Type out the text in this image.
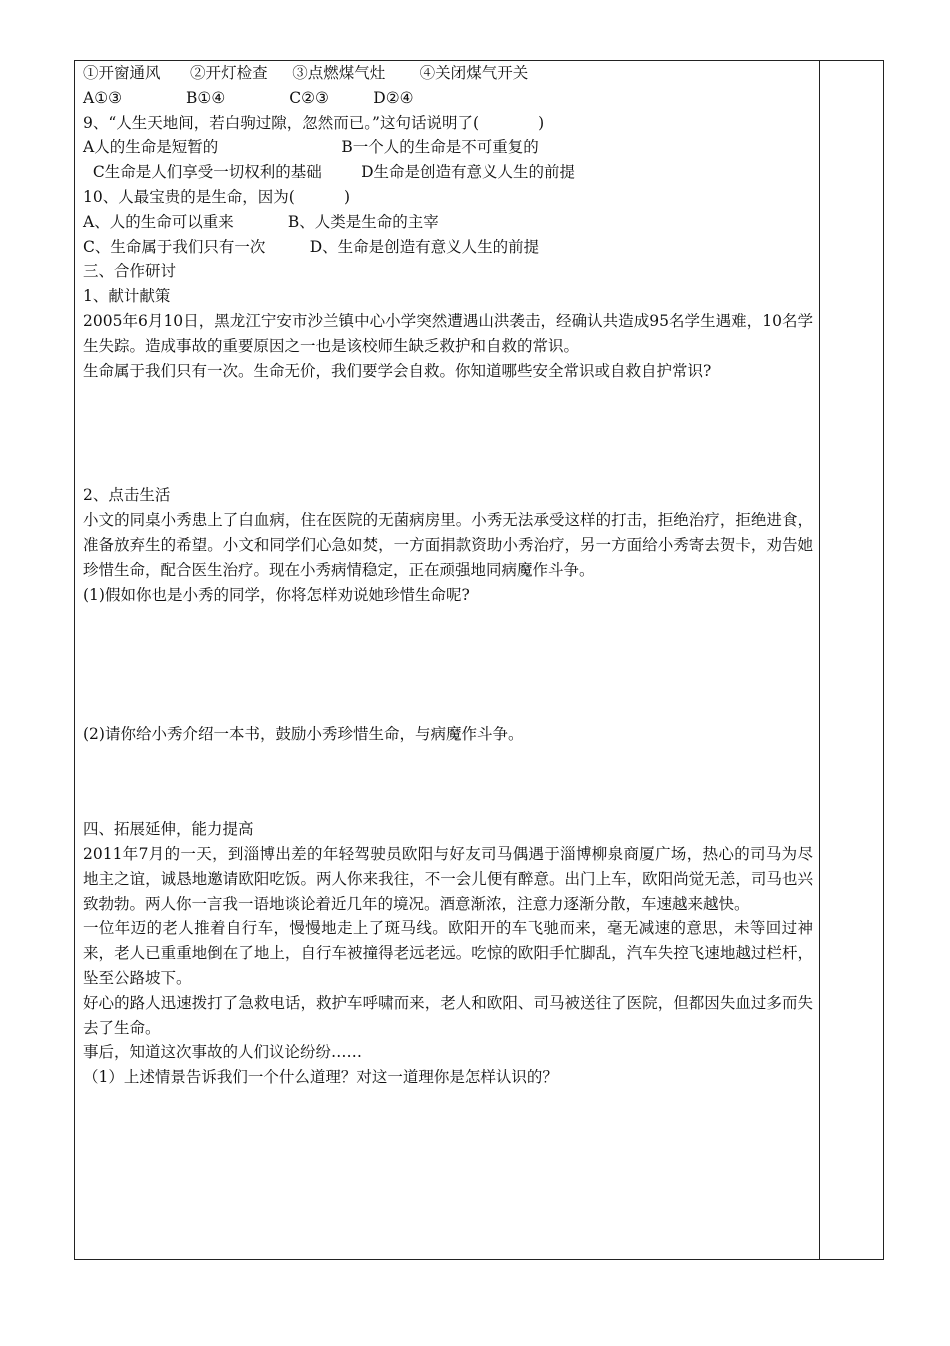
①开窗通风      ②开灯检查     ③点燃煤气灶       ④关闭煤气开关
A①③             B①④             C②③         D②④
9、“人生天地间，若白驹过隙，忽然而已。”这句话说明了(            )
A人的生命是短暂的                         B一个人的生命是不可重复的
C生命是人们享受一切权利的基础        D生命是创造有意义人生的前提
10、人最宝贵的是生命，因为(          )
A、人的生命可以重来           B、人类是生命的主宰
C、生命属于我们只有一次         D、生命是创造有意义人生的前提
三、合作研讨
1、献计献策
2005年6月10日，黑龙江宁安市沙兰镇中心小学突然遭遇山洪袭击，经确认共造成95名学生遇难，10名学生失踪。造成事故的重要原因之一也是该校师生缺乏救护和自救的常识。
生命属于我们只有一次。生命无价，我们要学会自救。你知道哪些安全常识或自救自护常识?
2、点击生活
小文的同桌小秀患上了白血病，住在医院的无菌病房里。小秀无法承受这样的打击，拒绝治疗，拒绝进食，准备放弃生的希望。小文和同学们心急如焚，一方面捐款资助小秀治疗，另一方面给小秀寄去贺卡，劝告她珍惜生命，配合医生治疗。现在小秀病情稳定，正在顽强地同病魔作斗争。
(1)假如你也是小秀的同学，你将怎样劝说她珍惜生命呢?
(2)请你给小秀介绍一本书，鼓励小秀珍惜生命，与病魔作斗争。
四、拓展延伸，能力提高
2011年7月的一天，到淄博出差的年轻驾驶员欧阳与好友司马偶遇于淄博柳泉商厦广场，热心的司马为尽地主之谊，诚恳地邀请欧阳吃饭。两人你来我往，不一会儿便有醉意。出门上车，欧阳尚觉无恙，司马也兴致勃勃。两人你一言我一语地谈论着近几年的境况。酒意渐浓，注意力逐渐分散，车速越来越快。
一位年迈的老人推着自行车，慢慢地走上了斑马线。欧阳开的车飞驰而来，毫无减速的意思，未等回过神来，老人已重重地倒在了地上，自行车被撞得老远老远。吃惊的欧阳手忙脚乱，汽车失控飞速地越过栏杆，坠至公路坡下。
好心的路人迅速拨打了急救电话，救护车呼啸而来，老人和欧阳、司马被送往了医院，但都因失血过多而失去了生命。
事后，知道这次事故的人们议论纷纷……
（1）上述情景告诉我们一个什么道理？对这一道理你是怎样认识的？
